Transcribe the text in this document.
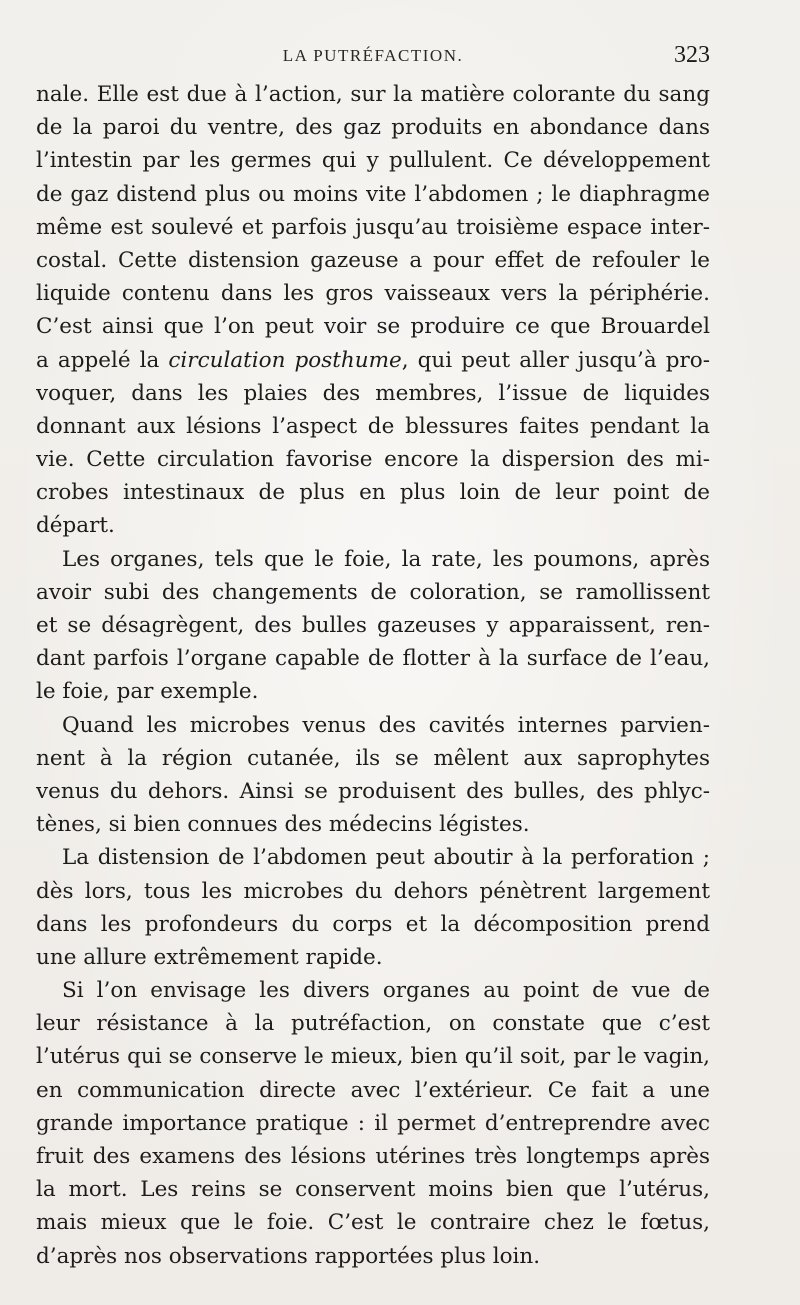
LA PUTRÉFACTION.	323
nale. Elle est due à l’action, sur la matière colorante du sang
de la paroi du ventre, des gaz produits en abondance dans
l’intestin par les germes qui y pullulent. Ce développement
de gaz distend plus ou moins vite l’abdomen ; le diaphragme
même est soulevé et parfois jusqu’au troisième espace inter-
costal. Cette distension gazeuse a pour effet de refouler le
liquide contenu dans les gros vaisseaux vers la périphérie.
C’est ainsi que l’on peut voir se produire ce que Brouardel
a appelé la circulation posthume, qui peut aller jusqu’à pro-
voquer, dans les plaies des membres, l’issue de liquides
donnant aux lésions l’aspect de blessures faites pendant la
vie. Cette circulation favorise encore la dispersion des mi-
crobes intestinaux de plus en plus loin de leur point de
départ.
Les organes, tels que le foie, la rate, les poumons, après
avoir subi des changements de coloration, se ramollissent
et se désagrègent, des bulles gazeuses y apparaissent, ren-
dant parfois l’organe capable de flotter à la surface de l’eau,
le foie, par exemple.
Quand les microbes venus des cavités internes parvien-
nent à la région cutanée, ils se mêlent aux saprophytes
venus du dehors. Ainsi se produisent des bulles, des phlyc-
tènes, si bien connues des médecins légistes.
La distension de l’abdomen peut aboutir à la perforation ;
dès lors, tous les microbes du dehors pénètrent largement
dans les profondeurs du corps et la décomposition prend
une allure extrêmement rapide.
Si l’on envisage les divers organes au point de vue de
leur résistance à la putréfaction, on constate que c’est
l’utérus qui se conserve le mieux, bien qu’il soit, par le vagin,
en communication directe avec l’extérieur. Ce fait a une
grande importance pratique : il permet d’entreprendre avec
fruit des examens des lésions utérines très longtemps après
la mort. Les reins se conservent moins bien que l’utérus,
mais mieux que le foie. C’est le contraire chez le fœtus,
d’après nos observations rapportées plus loin.
